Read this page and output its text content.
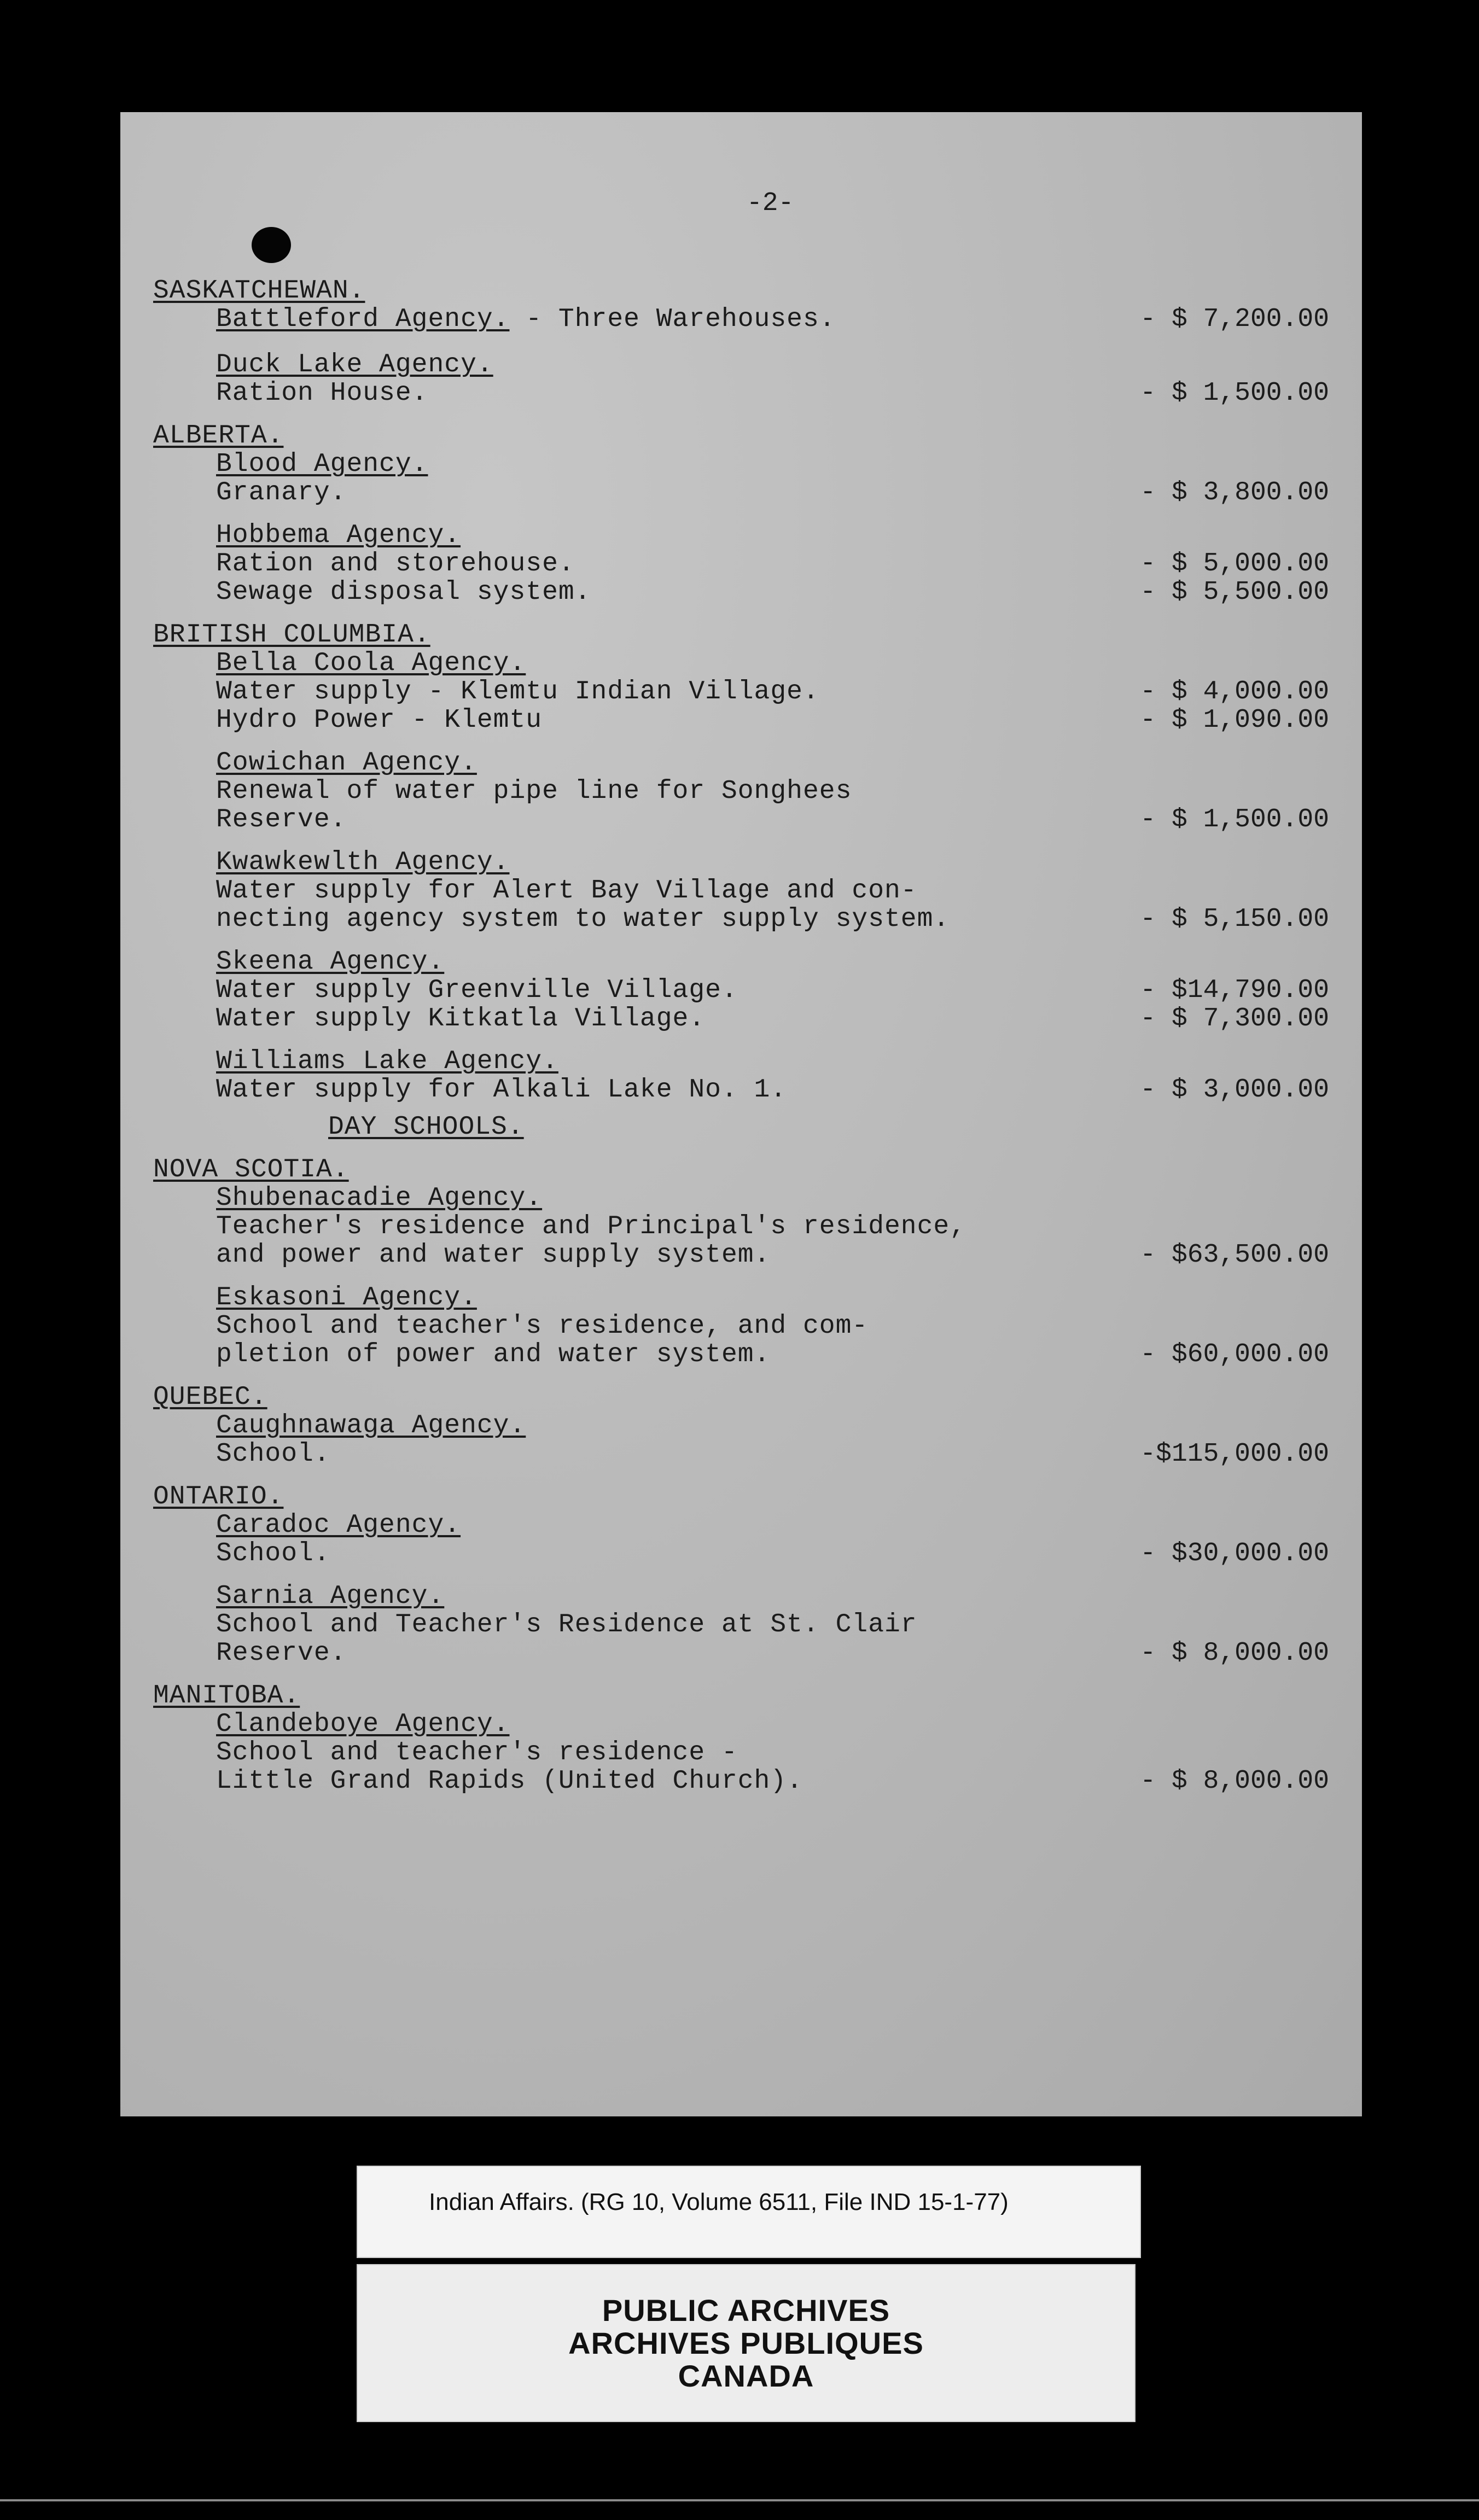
-2-
SASKATCHEWAN.
Battleford Agency. - Three Warehouses.	- $ 7,200.00
Duck Lake Agency.
Ration House.	- $ 1,500.00
ALBERTA.
Blood Agency.
Granary.	- $ 3,800.00
Hobbema Agency.
Ration and storehouse.	- $ 5,000.00
Sewage disposal system.	- $ 5,500.00
BRITISH COLUMBIA.
Bella Coola Agency.
Water supply - Klemtu Indian Village.	- $ 4,000.00
Hydro Power - Klemtu	- $ 1,090.00
Cowichan Agency.
Renewal of water pipe line for Songhees
Reserve.	- $ 1,500.00
Kwawkewlth Agency.
Water supply for Alert Bay Village and con-
necting agency system to water supply system.	- $ 5,150.00
Skeena Agency.
Water supply Greenville Village.	- $14,790.00
Water supply Kitkatla Village.	- $ 7,300.00
Williams Lake Agency.
Water supply for Alkali Lake No. 1.	- $ 3,000.00
DAY SCHOOLS.
NOVA SCOTIA.
Shubenacadie Agency.
Teacher's residence and Principal's residence,
and power and water supply system.	- $63,500.00
Eskasoni Agency.
School and teacher's residence, and com-
pletion of power and water system.	- $60,000.00
QUEBEC.
Caughnawaga Agency.
School.	-$115,000.00
ONTARIO.
Caradoc Agency.
School.	- $30,000.00
Sarnia Agency.
School and Teacher's Residence at St. Clair
Reserve.	- $ 8,000.00
MANITOBA.
Clandeboye Agency.
School and teacher's residence -
Little Grand Rapids (United Church).	- $ 8,000.00
Indian Affairs. (RG 10, Volume 6511, File IND 15-1-77)
PUBLIC ARCHIVES
ARCHIVES PUBLIQUES
CANADA
